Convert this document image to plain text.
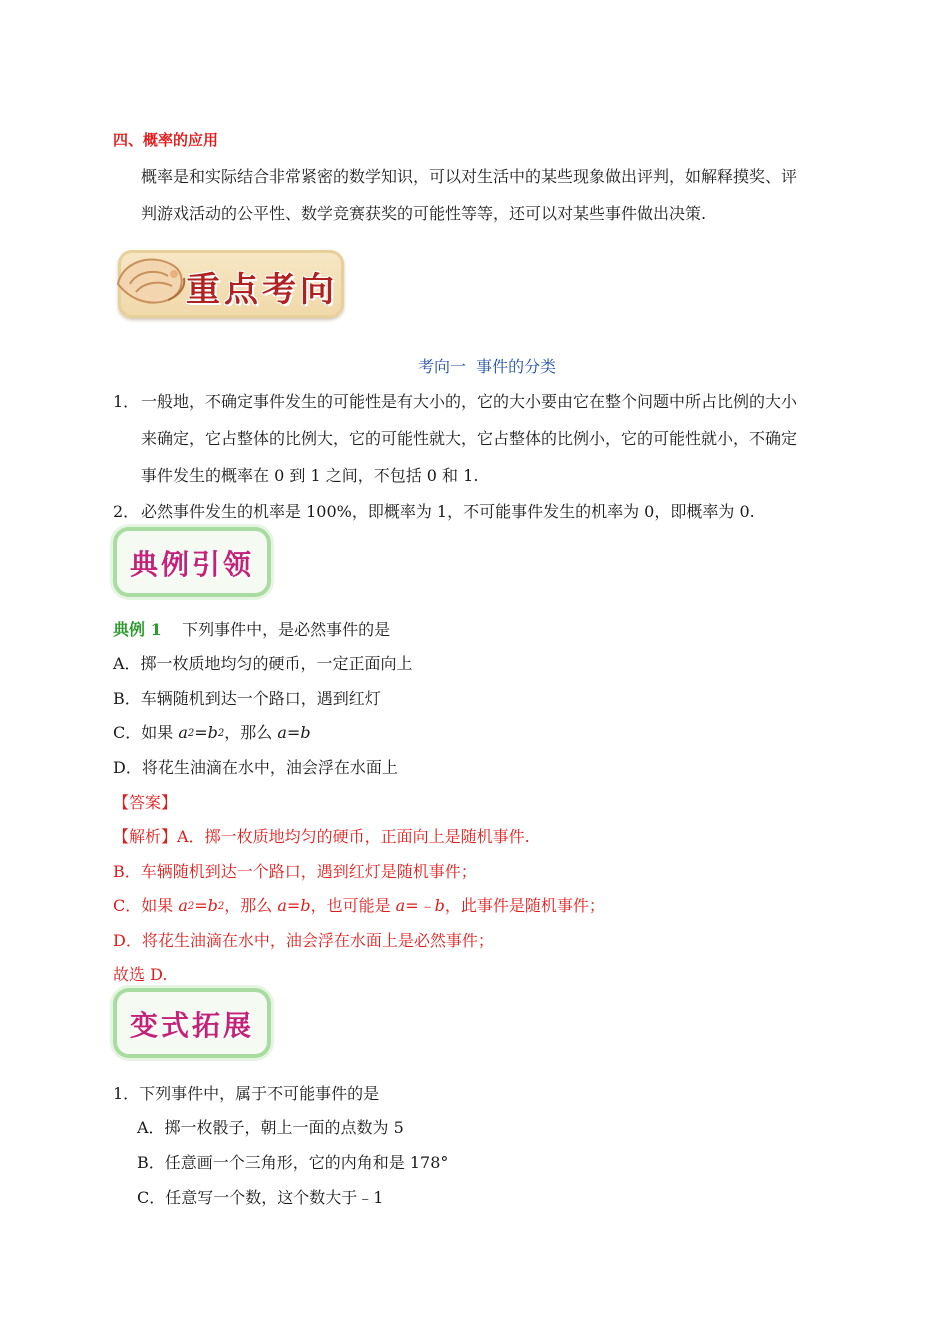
四、概率的应用
概率是和实际结合非常紧密的数学知识，可以对生活中的某些现象做出评判，如解释摸奖、评
判游戏活动的公平性、数学竞赛获奖的可能性等等，还可以对某些事件做出决策.
重点考向
考向一  事件的分类
1． 一般地，不确定事件发生的可能性是有大小的，它的大小要由它在整个问题中所占比例的大小
来确定，它占整体的比例大，它的可能性就大，它占整体的比例小，它的可能性就小，不确定
事件发生的概率在 0 到 1 之间，不包括 0 和 1.
2． 必然事件发生的机率是 100%，即概率为 1，不可能事件发生的机率为 0，即概率为 0.
典例引领
典例 1 下列事件中，是必然事件的是
A．掷一枚质地均匀的硬币，一定正面向上
B．车辆随机到达一个路口，遇到红灯
C．如果 $a^2=b^2$，那么 a=b
D．将花生油滴在水中，油会浮在水面上
【答案】
【解析】A．掷一枚质地均匀的硬币，正面向上是随机事件.
B．车辆随机到达一个路口，遇到红灯是随机事件；
C．如果 $a^2=b^2$，那么 a=b，也可能是 a=﹣b，此事件是随机事件；
D．将花生油滴在水中，油会浮在水面上是必然事件；
故选 D.
变式拓展
1．下列事件中，属于不可能事件的是
A．掷一枚骰子，朝上一面的点数为 5
B．任意画一个三角形，它的内角和是 178°
C．任意写一个数，这个数大于﹣1
